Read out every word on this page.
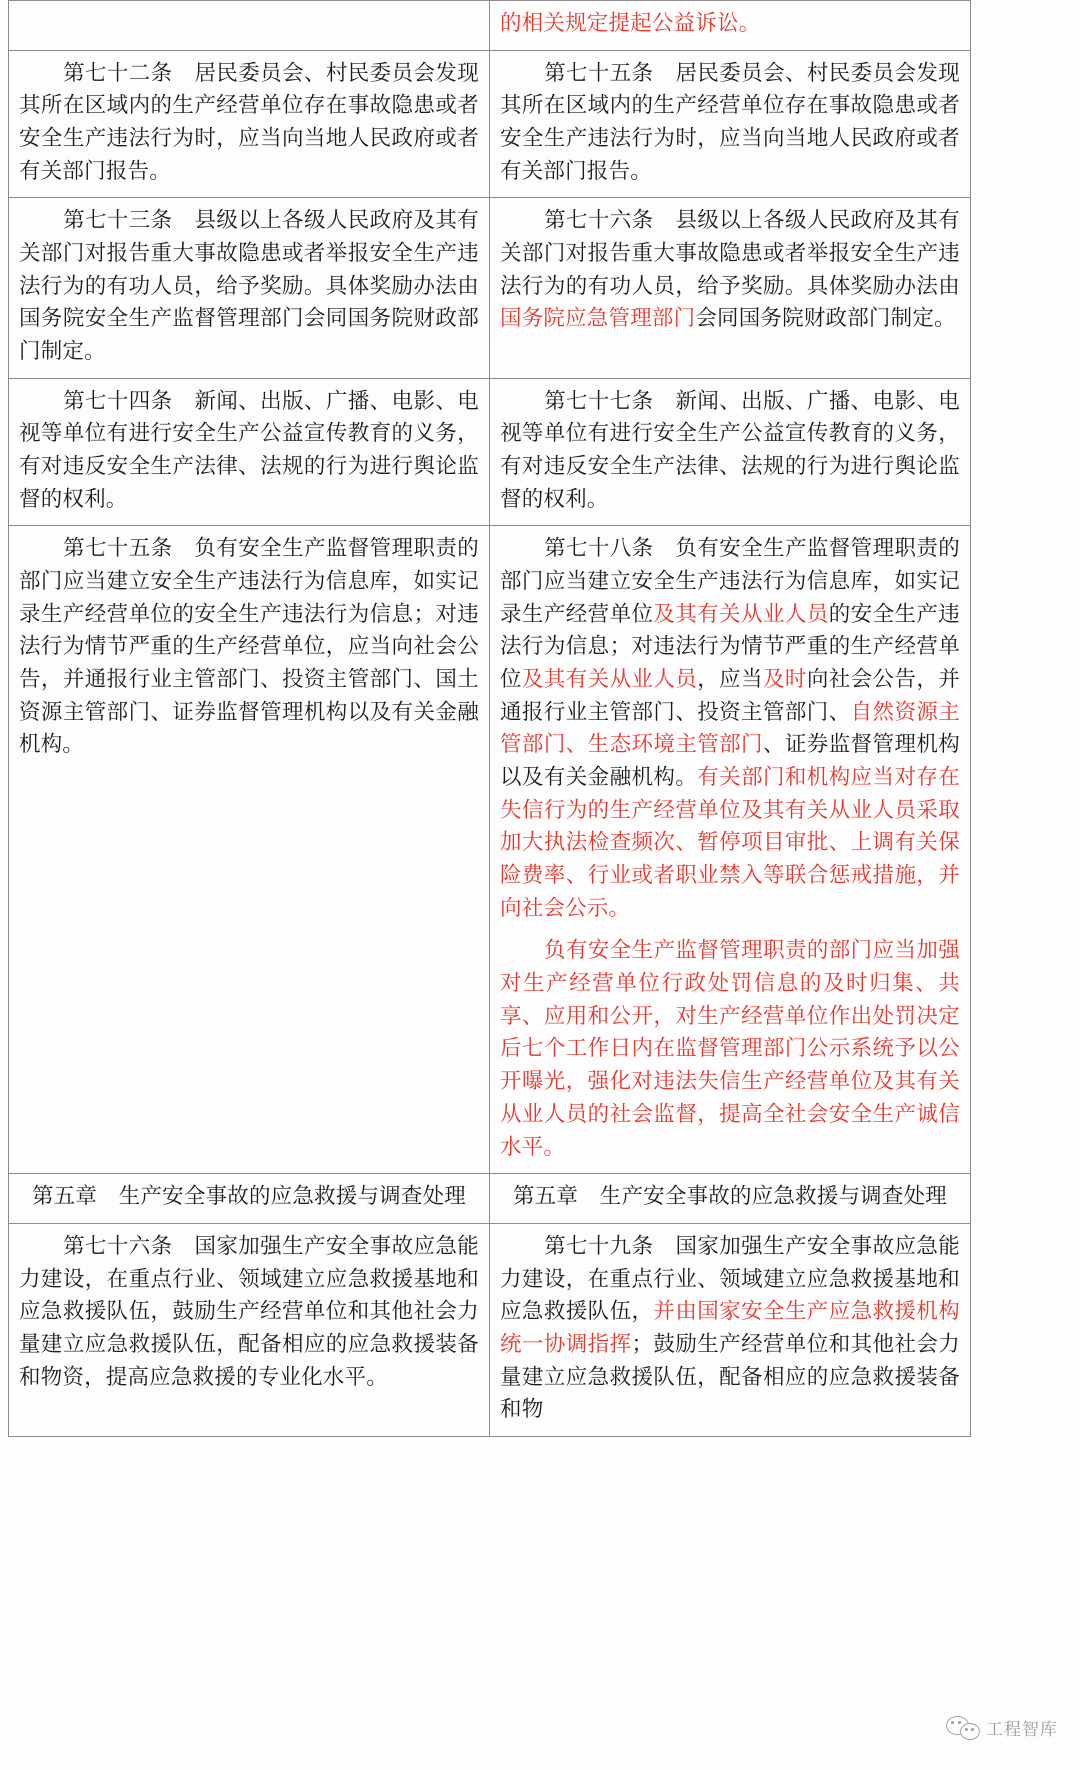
	的相关规定提起公益诉讼。

第七十二条　居民委员会、村民委员会发现其所在区域内的生产经营单位存在事故隐患或者安全生产违法行为时，应当向当地人民政府或者有关部门报告。	第七十五条　居民委员会、村民委员会发现其所在区域内的生产经营单位存在事故隐患或者安全生产违法行为时，应当向当地人民政府或者有关部门报告。

第七十三条　县级以上各级人民政府及其有关部门对报告重大事故隐患或者举报安全生产违法行为的有功人员，给予奖励。具体奖励办法由国务院安全生产监督管理部门会同国务院财政部门制定。	第七十六条　县级以上各级人民政府及其有关部门对报告重大事故隐患或者举报安全生产违法行为的有功人员，给予奖励。具体奖励办法由国务院应急管理部门会同国务院财政部门制定。

第七十四条　新闻、出版、广播、电影、电视等单位有进行安全生产公益宣传教育的义务，有对违反安全生产法律、法规的行为进行舆论监督的权利。	第七十七条　新闻、出版、广播、电影、电视等单位有进行安全生产公益宣传教育的义务，有对违反安全生产法律、法规的行为进行舆论监督的权利。

第七十五条　负有安全生产监督管理职责的部门应当建立安全生产违法行为信息库，如实记录生产经营单位的安全生产违法行为信息；对违法行为情节严重的生产经营单位，应当向社会公告，并通报行业主管部门、投资主管部门、国土资源主管部门、证券监督管理机构以及有关金融机构。	第七十八条　负有安全生产监督管理职责的部门应当建立安全生产违法行为信息库，如实记录生产经营单位及其有关从业人员的安全生产违法行为信息；对违法行为情节严重的生产经营单位及其有关从业人员，应当及时向社会公告，并通报行业主管部门、投资主管部门、自然资源主管部门、生态环境主管部门、证券监督管理机构以及有关金融机构。有关部门和机构应当对存在失信行为的生产经营单位及其有关从业人员采取加大执法检查频次、暂停项目审批、上调有关保险费率、行业或者职业禁入等联合惩戒措施，并向社会公示。

负有安全生产监督管理职责的部门应当加强对生产经营单位行政处罚信息的及时归集、共享、应用和公开，对生产经营单位作出处罚决定后七个工作日内在监督管理部门公示系统予以公开曝光，强化对违法失信生产经营单位及其有关从业人员的社会监督，提高全社会安全生产诚信水平。

第五章　生产安全事故的应急救援与调查处理	第五章　生产安全事故的应急救援与调查处理

第七十六条　国家加强生产安全事故应急能力建设，在重点行业、领域建立应急救援基地和应急救援队伍，鼓励生产经营单位和其他社会力量建立应急救援队伍，配备相应的应急救援装备和物资，提高应急救援的专业化水平。	第七十九条　国家加强生产安全事故应急能力建设，在重点行业、领域建立应急救援基地和应急救援队伍，并由国家安全生产应急救援机构统一协调指挥；鼓励生产经营单位和其他社会力量建立应急救援队伍，配备相应的应急救援装备和物

工程智库
